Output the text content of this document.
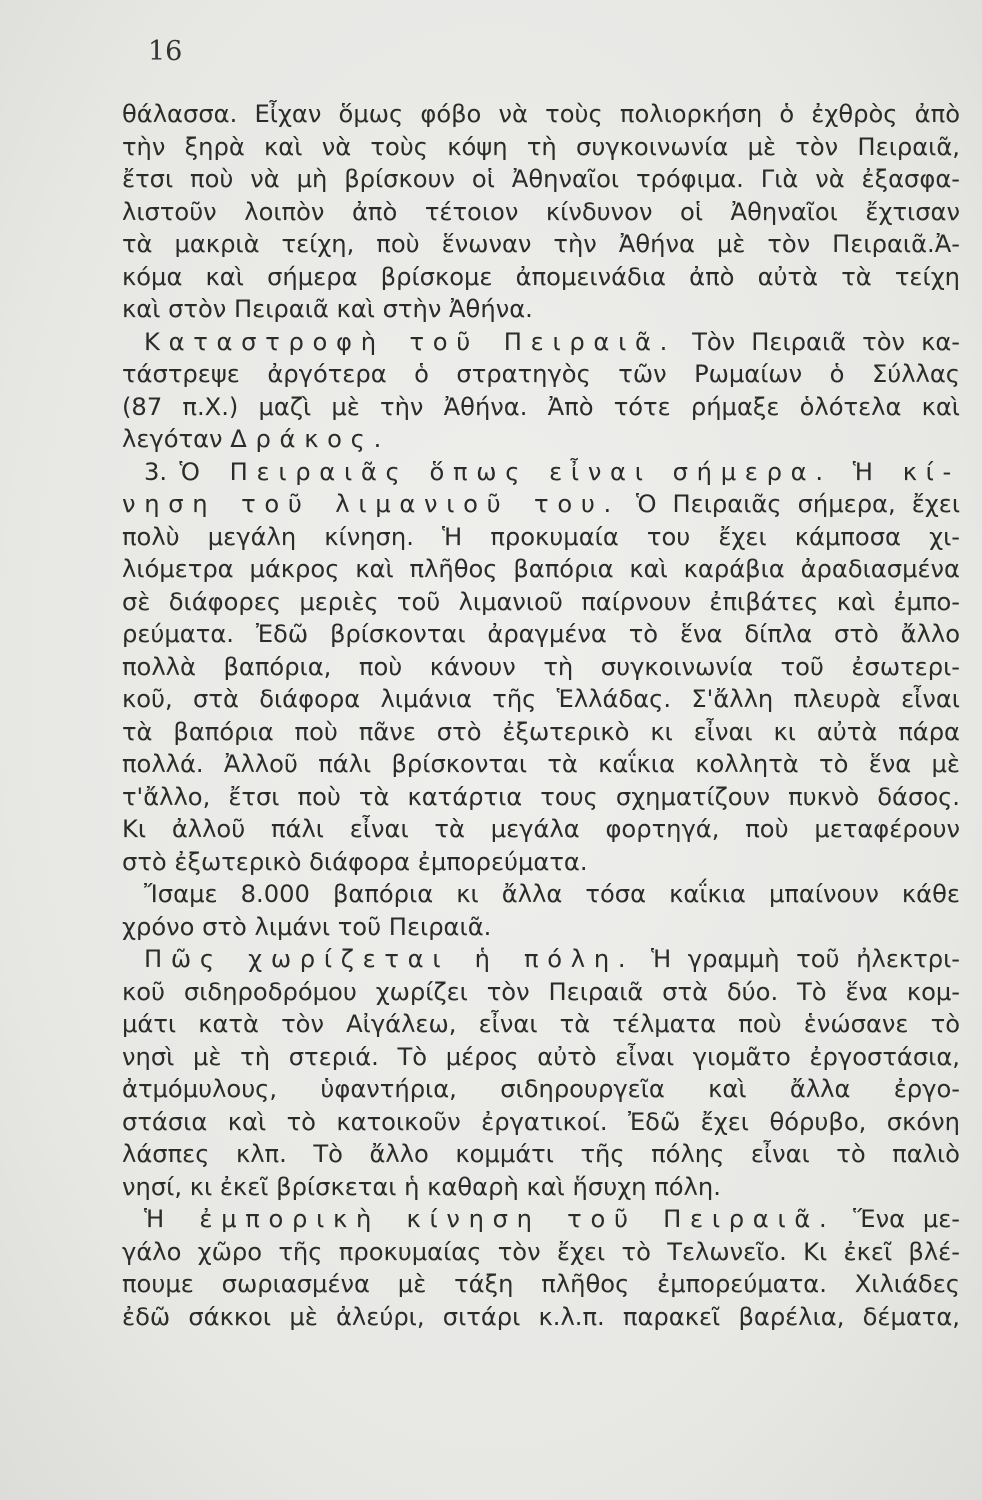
16
θάλασσα. Εἶχαν ὅμως φόβο νὰ τοὺς πολιορκήση ὁ ἐχθρὸς ἀπὸ
τὴν ξηρὰ καὶ νὰ τοὺς κόψη τὴ συγκοινωνία μὲ τὸν Πειραιᾶ,
ἔτσι ποὺ νὰ μὴ βρίσκουν οἱ Ἀθηναῖοι τρόφιμα. Γιὰ νὰ ἐξασφα-
λιστοῦν λοιπὸν ἀπὸ τέτοιον κίνδυνον οἱ Ἀθηναῖοι ἔχτισαν
τὰ μακριὰ τείχη, ποὺ ἕνωναν τὴν Ἀθήνα μὲ τὸν Πειραιᾶ.Ἀ-
κόμα καὶ σήμερα βρίσκομε ἀπομεινάδια ἀπὸ αὐτὰ τὰ τείχη
καὶ στὸν Πειραιᾶ καὶ στὴν Ἀθήνα.
Καταστροφὴ τοῦ Πειραιᾶ. Τὸν Πειραιᾶ τὸν κα-
τάστρεψε ἀργότερα ὁ στρατηγὸς τῶν Ρωμαίων ὁ Σύλλας
(87 π.Χ.) μαζὶ μὲ τὴν Ἀθήνα. Ἀπὸ τότε ρήμαξε ὁλότελα καὶ
λεγόταν Δράκος.
3. Ὁ Πειραιᾶς ὅπως εἶναι σήμερα. Ἡ κί-
νηση τοῦ λιμανιοῦ του. Ὁ Πειραιᾶς σήμερα, ἔχει
πολὺ μεγάλη κίνηση. Ἡ προκυμαία του ἔχει κάμποσα χι-
λιόμετρα μάκρος καὶ πλῆθος βαπόρια καὶ καράβια ἀραδιασμένα
σὲ διάφορες μεριὲς τοῦ λιμανιοῦ παίρνουν ἐπιβάτες καὶ ἐμπο-
ρεύματα. Ἐδῶ βρίσκονται ἀραγμένα τὸ ἕνα δίπλα στὸ ἄλλο
πολλὰ βαπόρια, ποὺ κάνουν τὴ συγκοινωνία τοῦ ἐσωτερι-
κοῦ, στὰ διάφορα λιμάνια τῆς Ἑλλάδας. Σ'ἄλλη πλευρὰ εἶναι
τὰ βαπόρια ποὺ πᾶνε στὸ ἐξωτερικὸ κι εἶναι κι αὐτὰ πάρα
πολλά. Ἀλλοῦ πάλι βρίσκονται τὰ καΐκια κολλητὰ τὸ ἕνα μὲ
τ'ἄλλο, ἔτσι ποὺ τὰ κατάρτια τους σχηματίζουν πυκνὸ δάσος.
Κι ἀλλοῦ πάλι εἶναι τὰ μεγάλα φορτηγά, ποὺ μεταφέρουν
στὸ ἐξωτερικὸ διάφορα ἐμπορεύματα.
Ἴσαμε 8.000 βαπόρια κι ἄλλα τόσα καΐκια μπαίνουν κάθε
χρόνο στὸ λιμάνι τοῦ Πειραιᾶ.
Πῶς χωρίζεται ἡ πόλη. Ἡ γραμμὴ τοῦ ἠλεκτρι-
κοῦ σιδηροδρόμου χωρίζει τὸν Πειραιᾶ στὰ δύο. Τὸ ἕνα κομ-
μάτι κατὰ τὸν Αἰγάλεω, εἶναι τὰ τέλματα ποὺ ἑνώσανε τὸ
νησὶ μὲ τὴ στεριά. Τὸ μέρος αὐτὸ εἶναι γιομᾶτο ἐργοστάσια,
ἀτμόμυλους, ὑφαντήρια, σιδηρουργεῖα καὶ ἄλλα ἐργο-
στάσια καὶ τὸ κατοικοῦν ἐργατικοί. Ἐδῶ ἔχει θόρυβο, σκόνη
λάσπες κλπ. Τὸ ἄλλο κομμάτι τῆς πόλης εἶναι τὸ παλιὸ
νησί, κι ἐκεῖ βρίσκεται ἡ καθαρὴ καὶ ἥσυχη πόλη.
Ἡ ἐμπορικὴ κίνηση τοῦ Πειραιᾶ. Ἕνα με-
γάλο χῶρο τῆς προκυμαίας τὸν ἔχει τὸ Τελωνεῖο. Κι ἐκεῖ βλέ-
πουμε σωριασμένα μὲ τάξη πλῆθος ἐμπορεύματα. Χιλιάδες
ἐδῶ σάκκοι μὲ ἀλεύρι, σιτάρι κ.λ.π. παρακεῖ βαρέλια, δέματα,
